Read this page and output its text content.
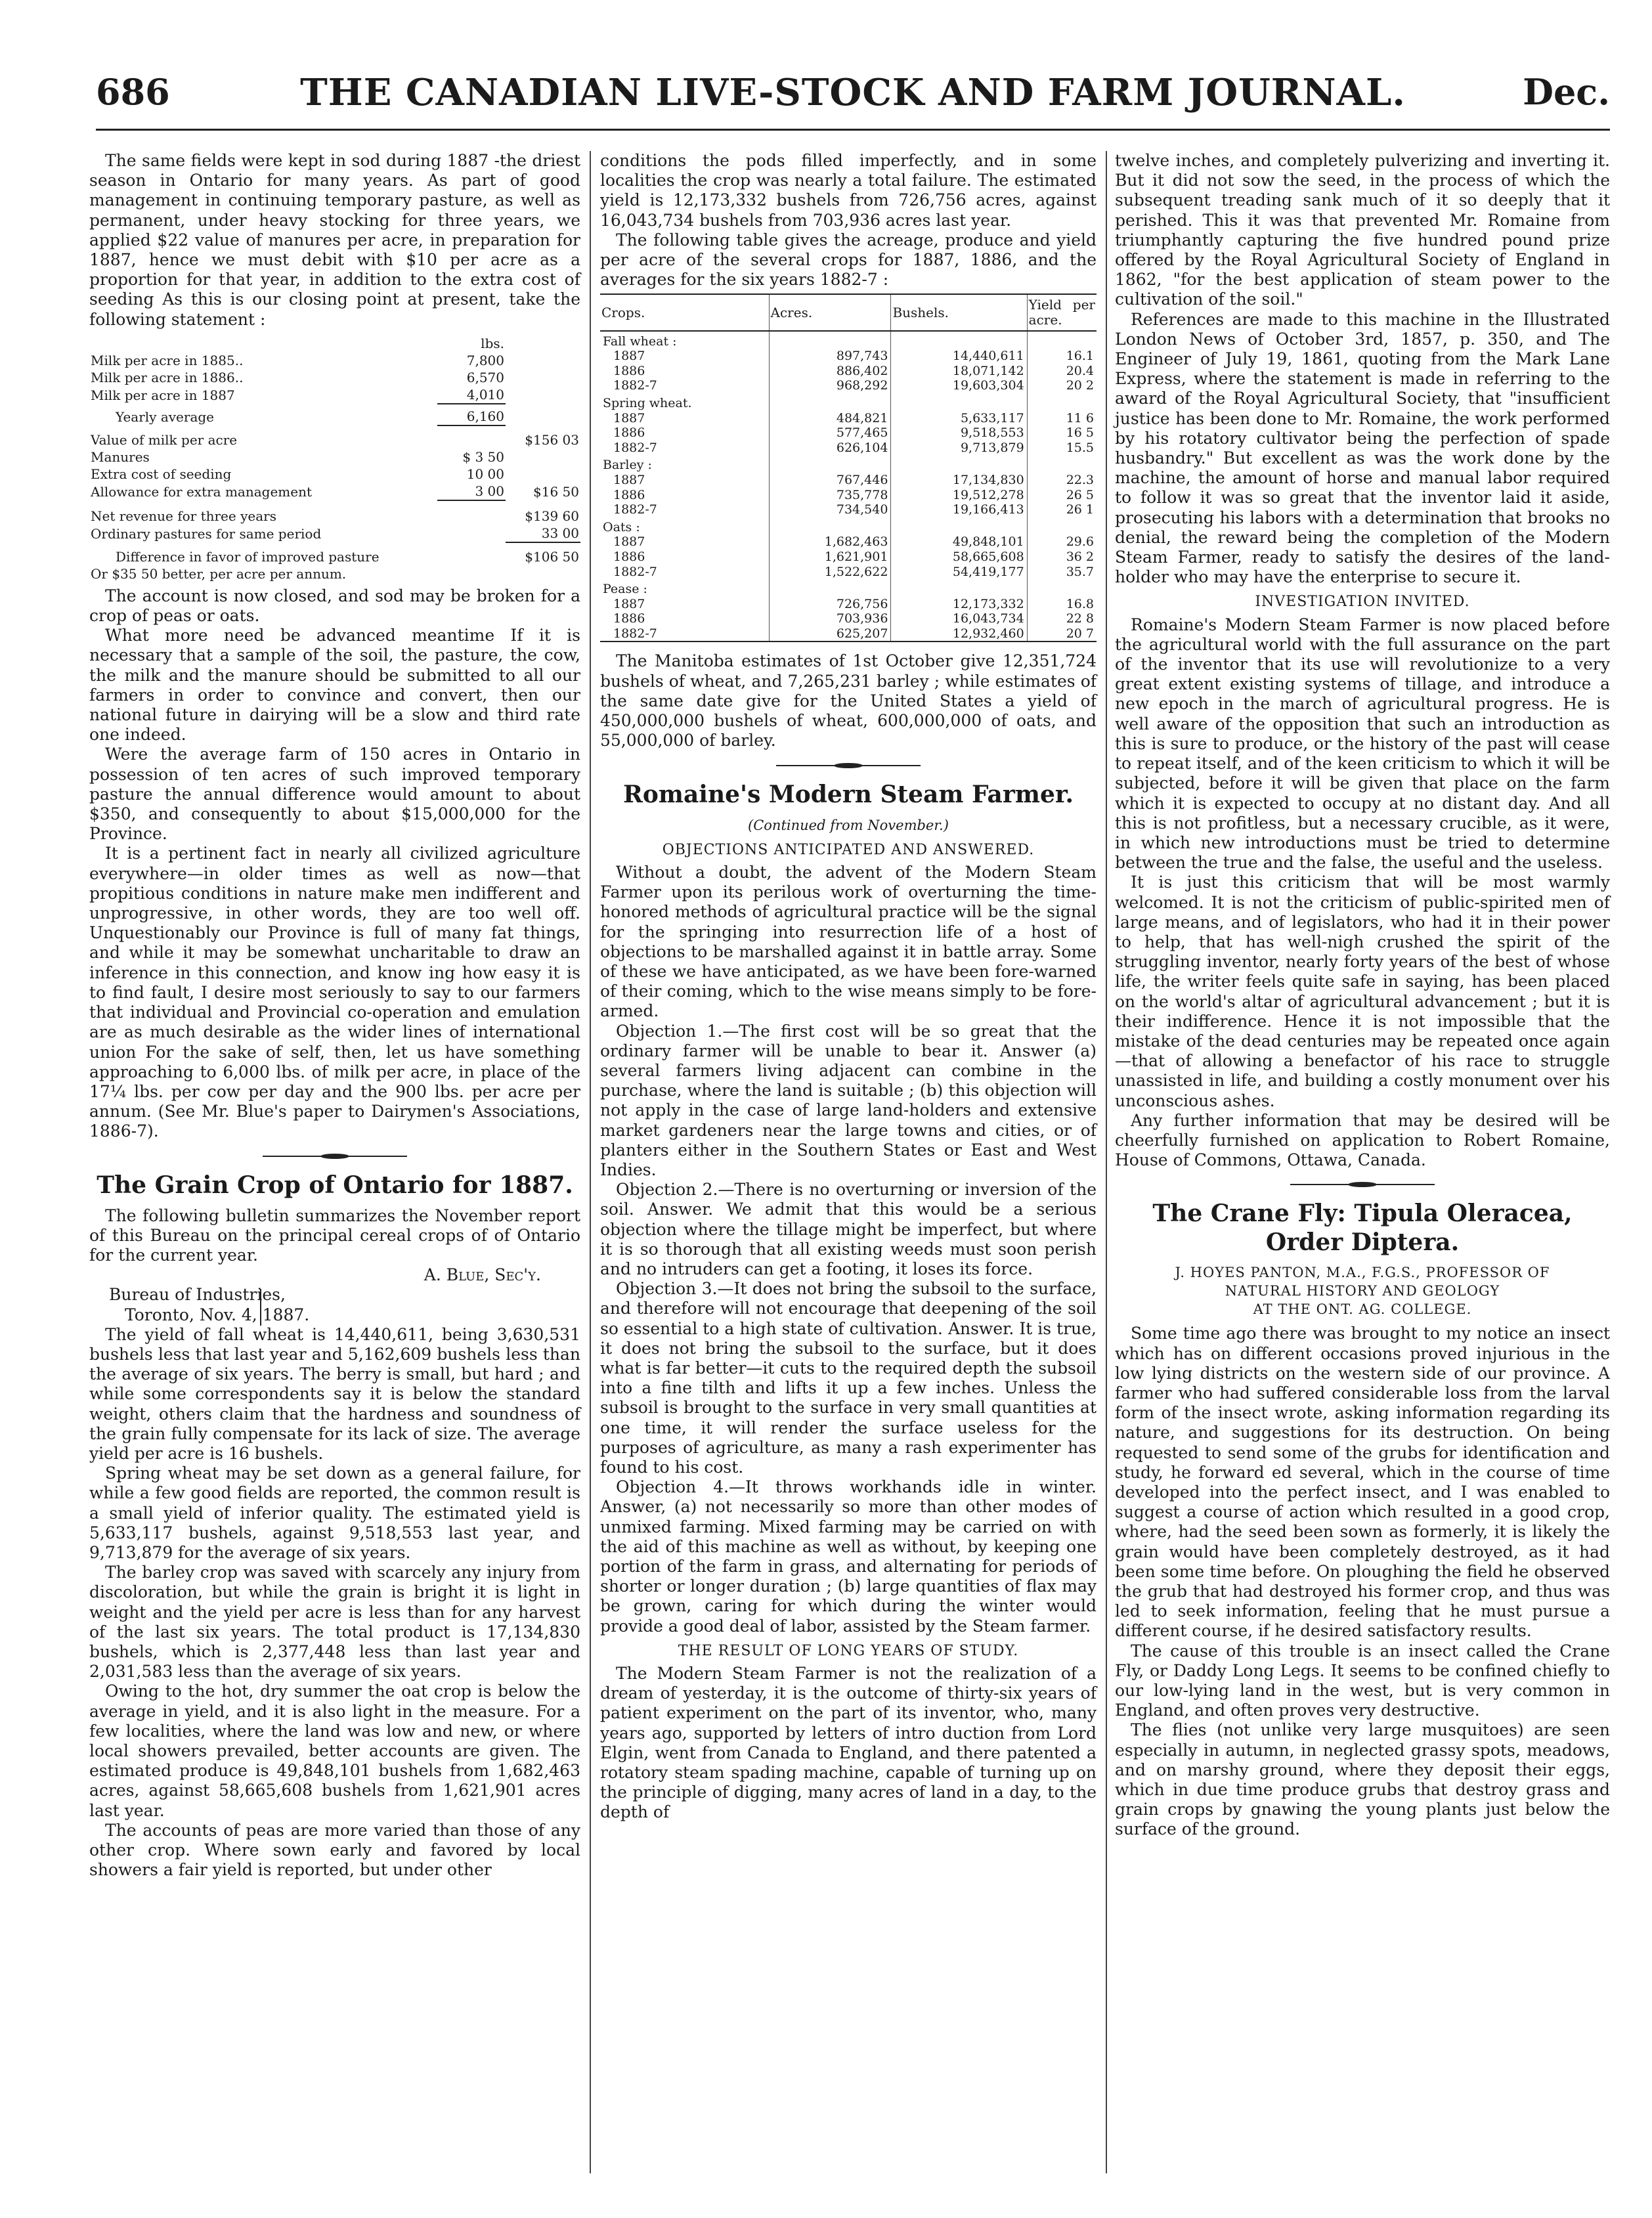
686	THE CANADIAN LIVE-STOCK AND FARM JOURNAL.	Dec.

The same fields were kept in sod during 1887 -the driest season in Ontario for many years. As part of good management in continuing temporary pasture, as well as permanent, under heavy stocking for three years, we applied $22 value of manures per acre, in preparation for 1887, hence we must debit with $10 per acre as a proportion for that year, in addition to the extra cost of seeding As this is our closing point at present, take the following statement :

	lbs.	
Milk per acre in 1885..	7,800	
Milk per acre in 1886..	6,570	
Milk per acre in 1887	4,010	
Yearly average	6,160	
Value of milk per acre		$156 03
Manures	$ 3 50	
Extra cost of seeding	10 00	
Allowance for extra management	3 00	$16 50
Net revenue for three years		$139 60
Ordinary pastures for same period		33 00
Difference in favor of improved pasture		$106 50
Or $35 50 better, per acre per annum.		

The account is now closed, and sod may be broken for a crop of peas or oats.

What more need be advanced meantime If it is necessary that a sample of the soil, the pasture, the cow, the milk and the manure should be submitted to all our farmers in order to convince and convert, then our national future in dairying will be a slow and third rate one indeed.

Were the average farm of 150 acres in Ontario in possession of ten acres of such improved temporary pasture the annual difference would amount to about $350, and consequently to about $15,000,000 for the Province.

It is a pertinent fact in nearly all civilized agriculture everywhere—in older times as well as now—that propitious conditions in nature make men indifferent and unprogressive, in other words, they are too well off. Unquestionably our Province is full of many fat things, and while it may be somewhat uncharitable to draw an inference in this connection, and know ing how easy it is to find fault, I desire most seriously to say to our farmers that individual and Provincial co-operation and emulation are as much desirable as the wider lines of international union For the sake of self, then, let us have something approaching to 6,000 lbs. of milk per acre, in place of the 17¼ lbs. per cow per day and the 900 lbs. per acre per annum. (See Mr. Blue's paper to Dairymen's Associations, 1886-7).

The Grain Crop of Ontario for 1887.

The following bulletin summarizes the November report of this Bureau on the principal cereal crops of of Ontario for the current year.

A. Blue, Sec'y.
Bureau of Industries,
Toronto, Nov. 4, 1887.

The yield of fall wheat is 14,440,611, being 3,630,531 bushels less that last year and 5,162,609 bushels less than the average of six years. The berry is small, but hard ; and while some correspondents say it is below the standard weight, others claim that the hardness and soundness of the grain fully compensate for its lack of size. The average yield per acre is 16 bushels.

Spring wheat may be set down as a general failure, for while a few good fields are reported, the common result is a small yield of inferior quality. The estimated yield is 5,633,117 bushels, against 9,518,553 last year, and 9,713,879 for the average of six years.

The barley crop was saved with scarcely any injury from discoloration, but while the grain is bright it is light in weight and the yield per acre is less than for any harvest of the last six years. The total product is 17,134,830 bushels, which is 2,377,448 less than last year and 2,031,583 less than the average of six years.

Owing to the hot, dry summer the oat crop is below the average in yield, and it is also light in the measure. For a few localities, where the land was low and new, or where local showers prevailed, better accounts are given. The estimated produce is 49,848,101 bushels from 1,682,463 acres, against 58,665,608 bushels from 1,621,901 acres last year.

The accounts of peas are more varied than those of any other crop. Where sown early and favored by local showers a fair yield is reported, but under other

conditions the pods filled imperfectly, and in some localities the crop was nearly a total failure. The estimated yield is 12,173,332 bushels from 726,756 acres, against 16,043,734 bushels from 703,936 acres last year.

The following table gives the acreage, produce and yield per acre of the several crops for 1887, 1886, and the averages for the six years 1882-7 :

Crops.	Acres.	Bushels.	Yield per acre.
Fall wheat :			
1887	897,743	14,440,611	16.1
1886	886,402	18,071,142	20.4
1882-7	968,292	19,603,304	20 2
Spring wheat.			
1887	484,821	5,633,117	11 6
1886	577,465	9,518,553	16 5
1882-7	626,104	9,713,879	15.5
Barley :			
1887	767,446	17,134,830	22.3
1886	735,778	19,512,278	26 5
1882-7	734,540	19,166,413	26 1
Oats :			
1887	1,682,463	49,848,101	29.6
1886	1,621,901	58,665,608	36 2
1882-7	1,522,622	54,419,177	35.7
Pease :			
1887	726,756	12,173,332	16.8
1886	703,936	16,043,734	22 8
1882-7	625,207	12,932,460	20 7

The Manitoba estimates of 1st October give 12,351,724 bushels of wheat, and 7,265,231 barley ; while estimates of the same date give for the United States a yield of 450,000,000 bushels of wheat, 600,000,000 of oats, and 55,000,000 of barley.

Romaine's Modern Steam Farmer.
(Continued from November.)
OBJECTIONS ANTICIPATED AND ANSWERED.

Without a doubt, the advent of the Modern Steam Farmer upon its perilous work of overturning the time-honored methods of agricultural practice will be the signal for the springing into resurrection life of a host of objections to be marshalled against it in battle array. Some of these we have anticipated, as we have been fore-warned of their coming, which to the wise means simply to be fore-armed.

Objection 1.—The first cost will be so great that the ordinary farmer will be unable to bear it. Answer (a) several farmers living adjacent can combine in the purchase, where the land is suitable ; (b) this objection will not apply in the case of large land-holders and extensive market gardeners near the large towns and cities, or of planters either in the Southern States or East and West Indies.

Objection 2.—There is no overturning or inversion of the soil. Answer. We admit that this would be a serious objection where the tillage might be imperfect, but where it is so thorough that all existing weeds must soon perish and no intruders can get a footing, it loses its force.

Objection 3.—It does not bring the subsoil to the surface, and therefore will not encourage that deepening of the soil so essential to a high state of cultivation. Answer. It is true, it does not bring the subsoil to the surface, but it does what is far better—it cuts to the required depth the subsoil into a fine tilth and lifts it up a few inches. Unless the subsoil is brought to the surface in very small quantities at one time, it will render the surface useless for the purposes of agriculture, as many a rash experimenter has found to his cost.

Objection 4.—It throws workhands idle in winter. Answer, (a) not necessarily so more than other modes of unmixed farming. Mixed farming may be carried on with the aid of this machine as well as without, by keeping one portion of the farm in grass, and alternating for periods of shorter or longer duration ; (b) large quantities of flax may be grown, caring for which during the winter would provide a good deal of labor, assisted by the Steam farmer.

THE RESULT OF LONG YEARS OF STUDY.

The Modern Steam Farmer is not the realization of a dream of yesterday, it is the outcome of thirty-six years of patient experiment on the part of its inventor, who, many years ago, supported by letters of intro duction from Lord Elgin, went from Canada to England, and there patented a rotatory steam spading machine, capable of turning up on the principle of digging, many acres of land in a day, to the depth of

twelve inches, and completely pulverizing and inverting it. But it did not sow the seed, in the process of which the subsequent treading sank much of it so deeply that it perished. This it was that prevented Mr. Romaine from triumphantly capturing the five hundred pound prize offered by the Royal Agricultural Society of England in 1862, "for the best application of steam power to the cultivation of the soil."

References are made to this machine in the Illustrated London News of October 3rd, 1857, p. 350, and The Engineer of July 19, 1861, quoting from the Mark Lane Express, where the statement is made in referring to the award of the Royal Agricultural Society, that "insufficient justice has been done to Mr. Romaine, the work performed by his rotatory cultivator being the perfection of spade husbandry." But excellent as was the work done by the machine, the amount of horse and manual labor required to follow it was so great that the inventor laid it aside, prosecuting his labors with a determination that brooks no denial, the reward being the completion of the Modern Steam Farmer, ready to satisfy the desires of the land-holder who may have the enterprise to secure it.

INVESTIGATION INVITED.

Romaine's Modern Steam Farmer is now placed before the agricultural world with the full assurance on the part of the inventor that its use will revolutionize to a very great extent existing systems of tillage, and introduce a new epoch in the march of agricultural progress. He is well aware of the opposition that such an introduction as this is sure to produce, or the history of the past will cease to repeat itself, and of the keen criticism to which it will be subjected, before it will be given that place on the farm which it is expected to occupy at no distant day. And all this is not profitless, but a necessary crucible, as it were, in which new introductions must be tried to determine between the true and the false, the useful and the useless.

It is just this criticism that will be most warmly welcomed. It is not the criticism of public-spirited men of large means, and of legislators, who had it in their power to help, that has well-nigh crushed the spirit of the struggling inventor, nearly forty years of the best of whose life, the writer feels quite safe in saying, has been placed on the world's altar of agricultural advancement ; but it is their indifference. Hence it is not impossible that the mistake of the dead centuries may be repeated once again—that of allowing a benefactor of his race to struggle unassisted in life, and building a costly monument over his unconscious ashes.

Any further information that may be desired will be cheerfully furnished on application to Robert Romaine, House of Commons, Ottawa, Canada.

The Crane Fly: Tipula Oleracea, Order Diptera.
J. HOYES PANTON, M.A., F.G.S., PROFESSOR OF
NATURAL HISTORY AND GEOLOGY
AT THE ONT. AG. COLLEGE.

Some time ago there was brought to my notice an insect which has on different occasions proved injurious in the low lying districts on the western side of our province. A farmer who had suffered considerable loss from the larval form of the insect wrote, asking information regarding its nature, and suggestions for its destruction. On being requested to send some of the grubs for identification and study, he forward ed several, which in the course of time developed into the perfect insect, and I was enabled to suggest a course of action which resulted in a good crop, where, had the seed been sown as formerly, it is likely the grain would have been completely destroyed, as it had been some time before. On ploughing the field he observed the grub that had destroyed his former crop, and thus was led to seek information, feeling that he must pursue a different course, if he desired satisfactory results.

The cause of this trouble is an insect called the Crane Fly, or Daddy Long Legs. It seems to be confined chiefly to our low-lying land in the west, but is very common in England, and often proves very destructive.

The flies (not unlike very large musquitoes) are seen especially in autumn, in neglected grassy spots, meadows, and on marshy ground, where they deposit their eggs, which in due time produce grubs that destroy grass and grain crops by gnawing the young plants just below the surface of the ground.
